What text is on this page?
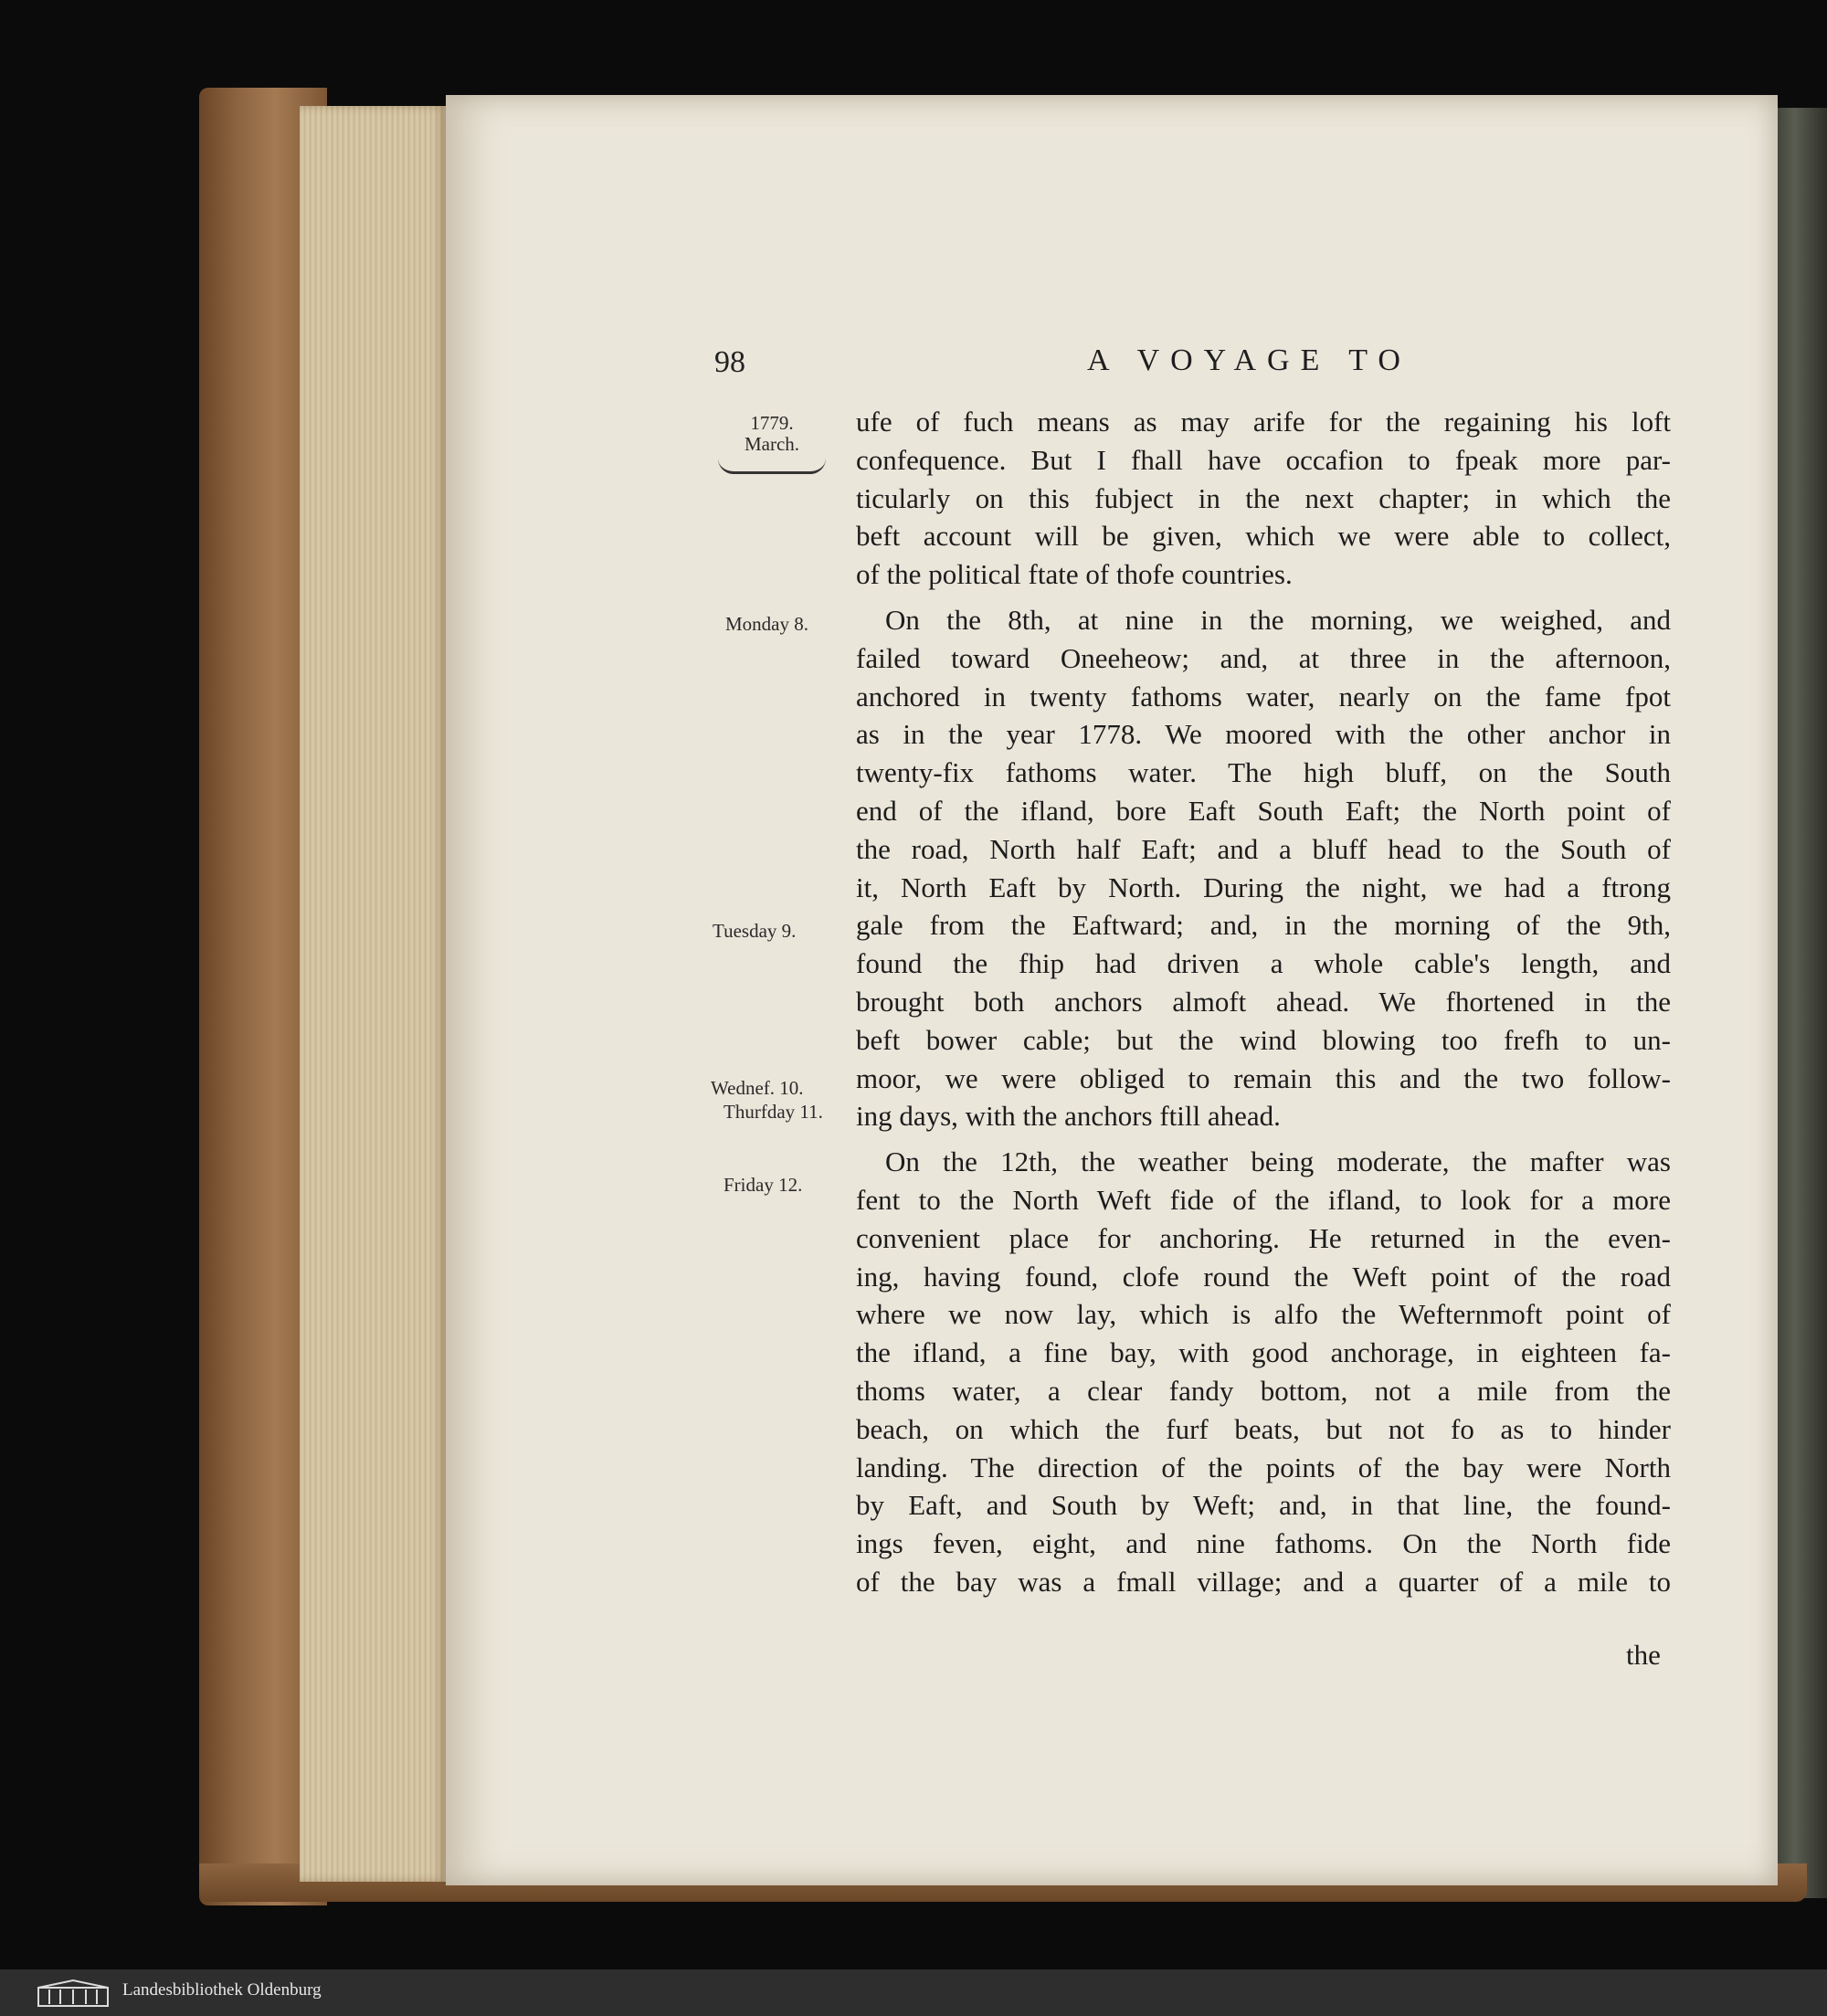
98	A VOYAGE TO
1779.
March.
Monday 8.
Tuesday 9.
Wednef. 10.
Thurfday 11.
Friday 12.
ufe of fuch means as may arife for the regaining his loft
confequence. But I fhall have occafion to fpeak more par-
ticularly on this fubject in the next chapter; in which the
beft account will be given, which we were able to collect,
of the political ftate of thofe countries.
On the 8th, at nine in the morning, we weighed, and
failed toward Oneeheow; and, at three in the afternoon,
anchored in twenty fathoms water, nearly on the fame fpot
as in the year 1778. We moored with the other anchor in
twenty-fix fathoms water. The high bluff, on the South
end of the ifland, bore Eaft South Eaft; the North point of
the road, North half Eaft; and a bluff head to the South of
it, North Eaft by North. During the night, we had a ftrong
gale from the Eaftward; and, in the morning of the 9th,
found the fhip had driven a whole cable's length, and
brought both anchors almoft ahead. We fhortened in the
beft bower cable; but the wind blowing too frefh to un-
moor, we were obliged to remain this and the two follow-
ing days, with the anchors ftill ahead.
On the 12th, the weather being moderate, the mafter was
fent to the North Weft fide of the ifland, to look for a more
convenient place for anchoring. He returned in the even-
ing, having found, clofe round the Weft point of the road
where we now lay, which is alfo the Wefternmoft point of
the ifland, a fine bay, with good anchorage, in eighteen fa-
thoms water, a clear fandy bottom, not a mile from the
beach, on which the furf beats, but not fo as to hinder
landing. The direction of the points of the bay were North
by Eaft, and South by Weft; and, in that line, the found-
ings feven, eight, and nine fathoms. On the North fide
of the bay was a fmall village; and a quarter of a mile to
the
Landesbibliothek Oldenburg
